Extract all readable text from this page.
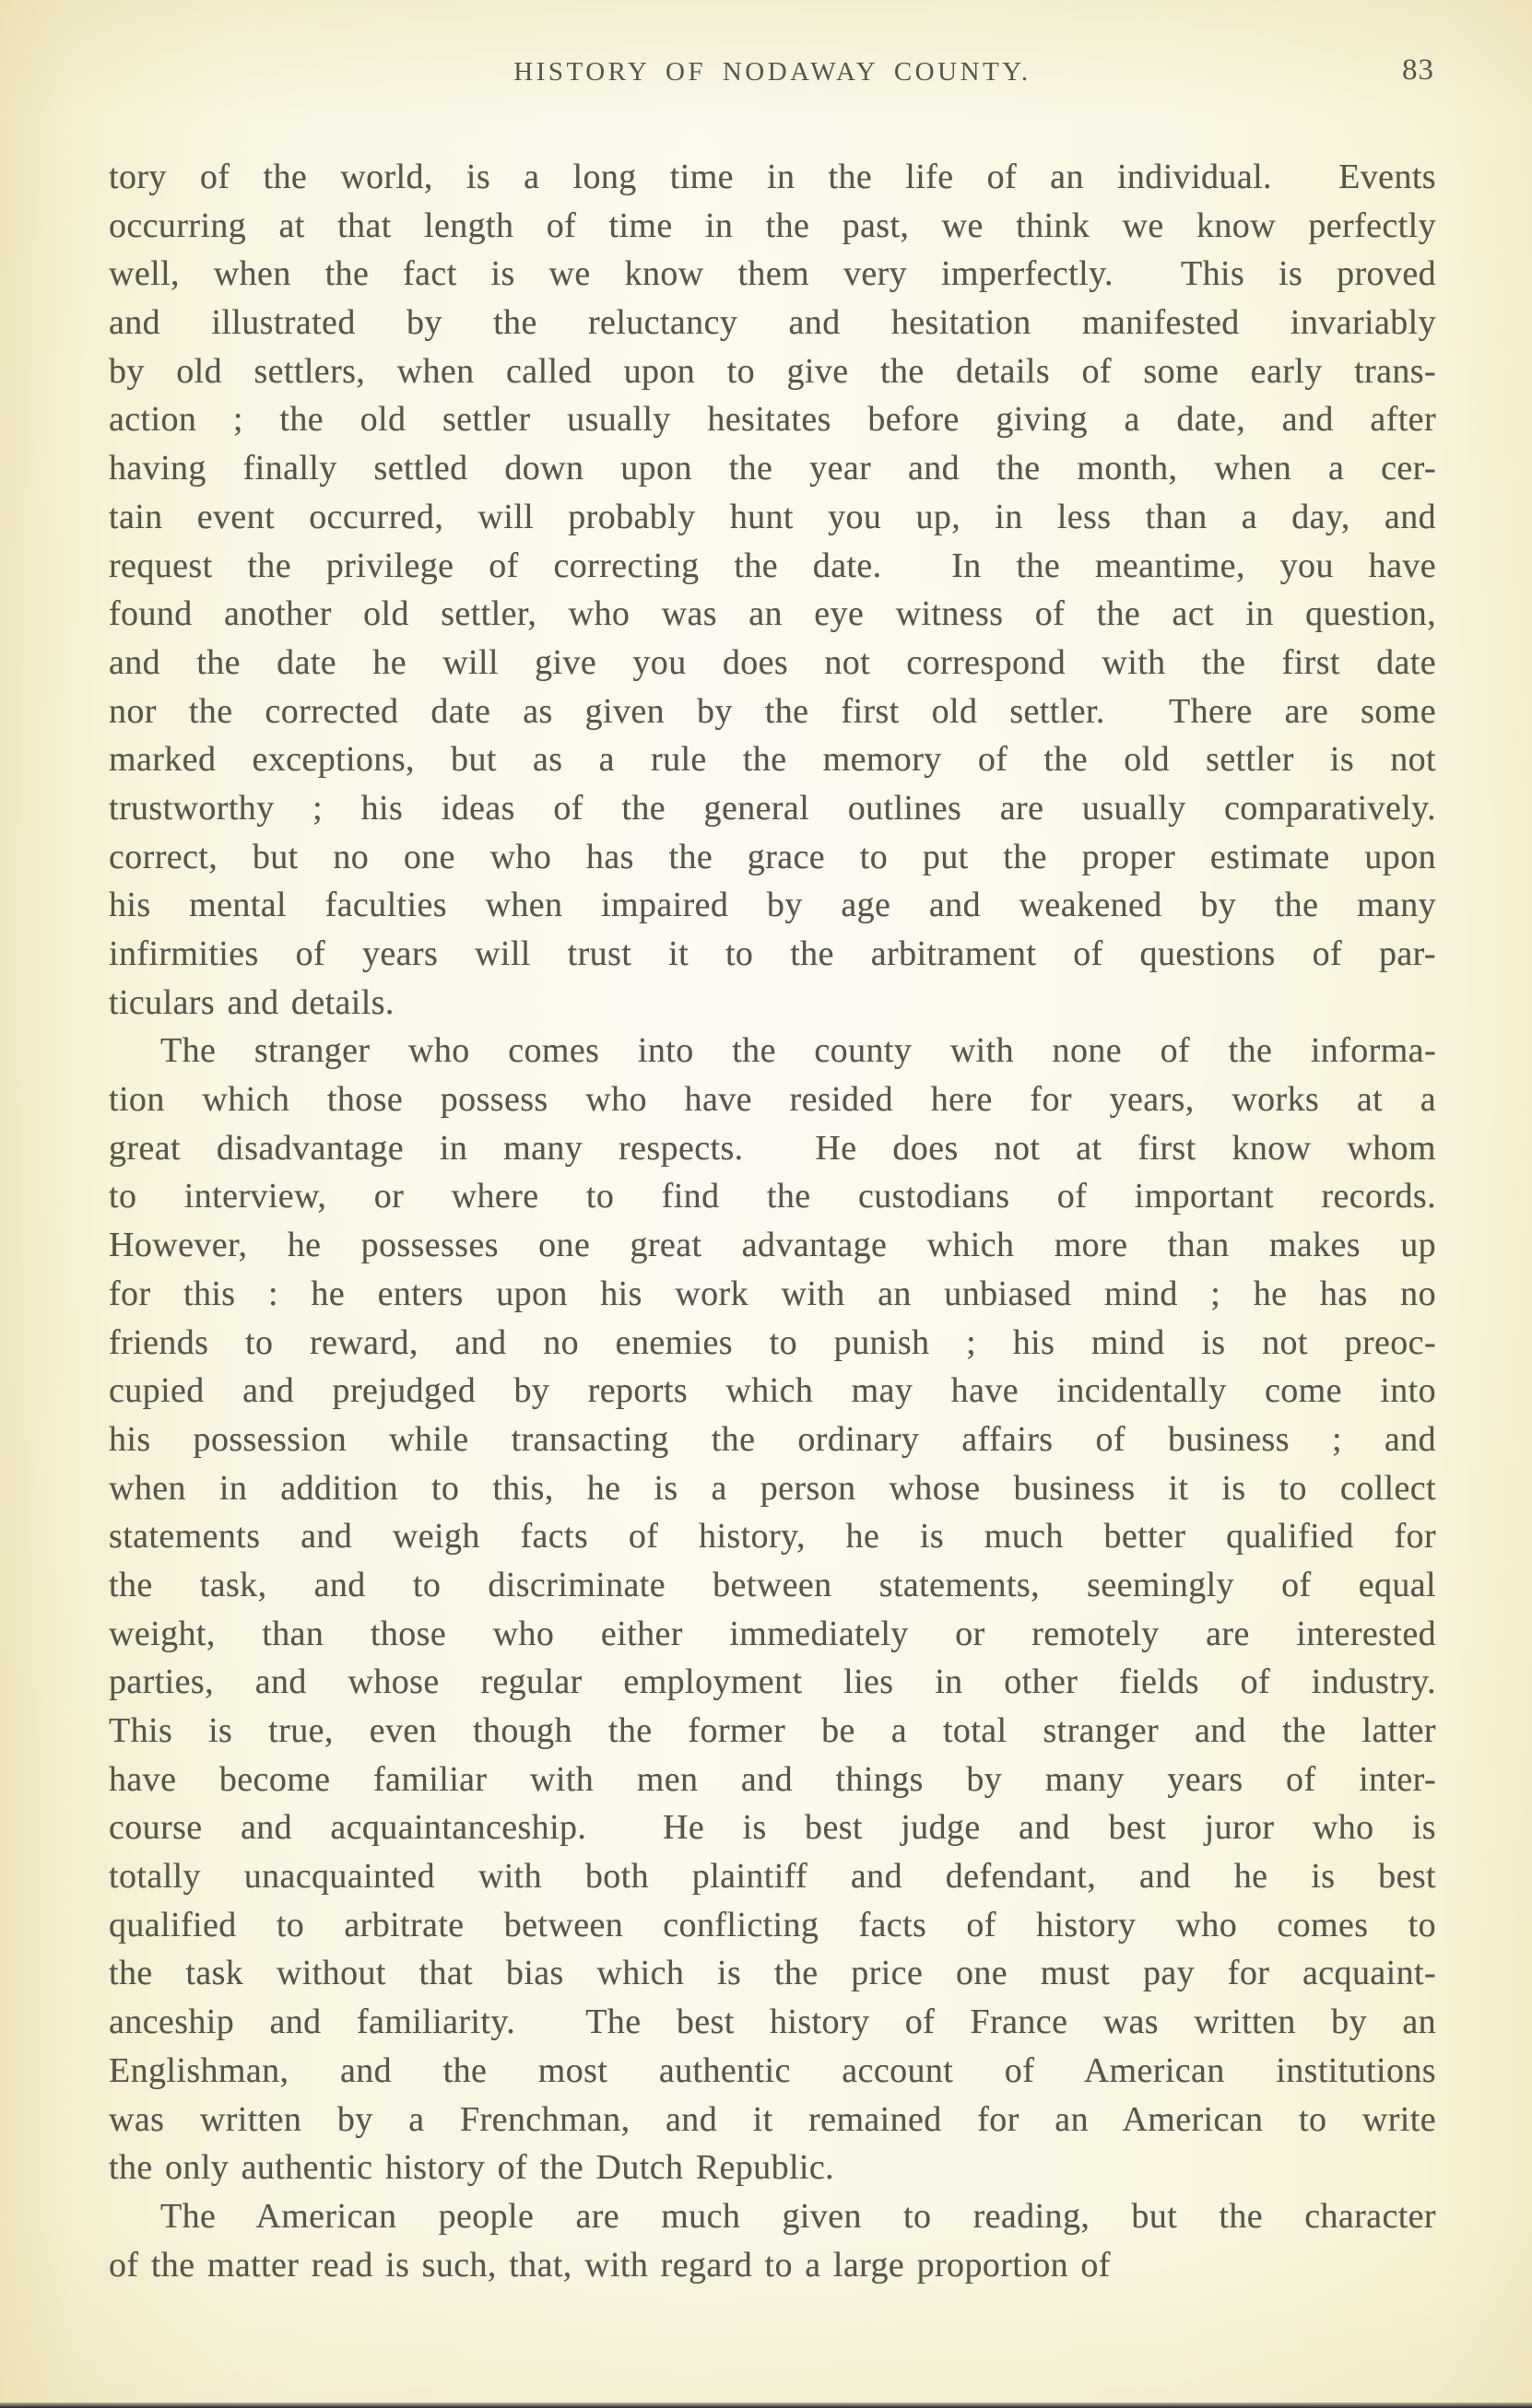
HISTORY OF NODAWAY COUNTY.	83
tory of the world, is a long time in the life of an individual.  Events
occurring at that length of time in the past, we think we know perfectly
well, when the fact is we know them very imperfectly.  This is proved
and illustrated by the reluctancy and hesitation manifested invariably
by old settlers, when called upon to give the details of some early trans-
action ; the old settler usually hesitates before giving a date, and after
having finally settled down upon the year and the month, when a cer-
tain event occurred, will probably hunt you up, in less than a day, and
request the privilege of correcting the date.  In the meantime, you have
found another old settler, who was an eye witness of the act in question,
and the date he will give you does not correspond with the first date
nor the corrected date as given by the first old settler.  There are some
marked exceptions, but as a rule the memory of the old settler is not
trustworthy ; his ideas of the general outlines are usually comparatively.
correct, but no one who has the grace to put the proper estimate upon
his mental faculties when impaired by age and weakened by the many
infirmities of years will trust it to the arbitrament of questions of par-
ticulars and details.
The stranger who comes into the county with none of the informa-
tion which those possess who have resided here for years, works at a
great disadvantage in many respects.  He does not at first know whom
to interview, or where to find the custodians of important records.
However, he possesses one great advantage which more than makes up
for this : he enters upon his work with an unbiased mind ; he has no
friends to reward, and no enemies to punish ; his mind is not preoc-
cupied and prejudged by reports which may have incidentally come into
his possession while transacting the ordinary affairs of business ; and
when in addition to this, he is a person whose business it is to collect
statements and weigh facts of history, he is much better qualified for
the task, and to discriminate between statements, seemingly of equal
weight, than those who either immediately or remotely are interested
parties, and whose regular employment lies in other fields of industry.
This is true, even though the former be a total stranger and the latter
have become familiar with men and things by many years of inter-
course and acquaintanceship.  He is best judge and best juror who is
totally unacquainted with both plaintiff and defendant, and he is best
qualified to arbitrate between conflicting facts of history who comes to
the task without that bias which is the price one must pay for acquaint-
anceship and familiarity.  The best history of France was written by an
Englishman, and the most authentic account of American institutions
was written by a Frenchman, and it remained for an American to write
the only authentic history of the Dutch Republic.
The American people are much given to reading, but the character
of the matter read is such, that, with regard to a large proportion of
